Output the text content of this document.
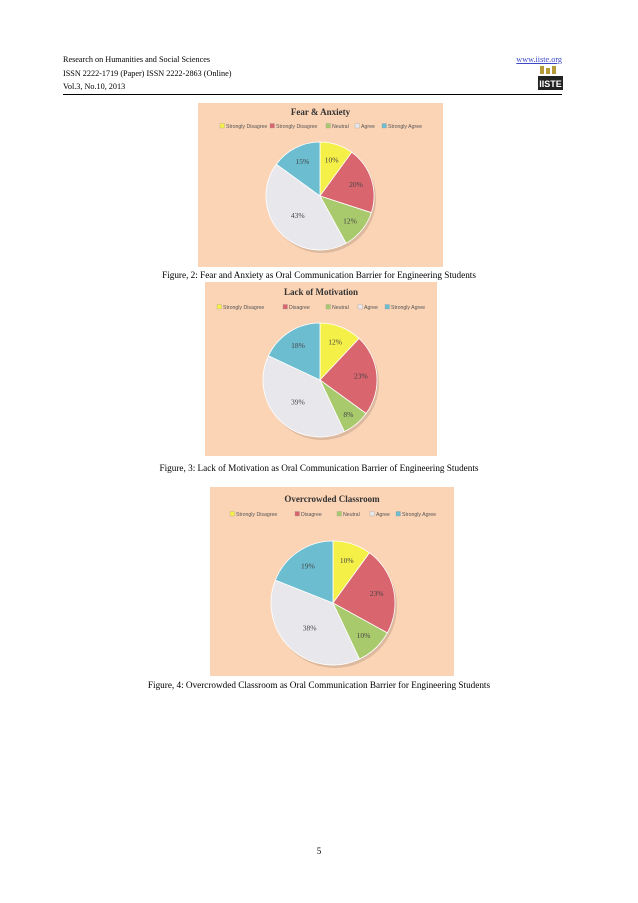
Research on Humanities and Social Sciences
ISSN 2222-1719 (Paper) ISSN 2222-2863 (Online)
Vol.3, No.10, 2013
www.iiste.org
IISTE
Fear & Anxiety
Strongly Disagree Strongly Disagree	Neutral Agree	Strongly Agree
10%
20%
12%
43%
15%
Figure, 2: Fear and Anxiety as Oral Communication Barrier for Engineering Students
Lack of Motivation
Strongly Disagree	Disagree	Neutral	Agree	Strongly Agree
12%
23%
8%
39%
18%
Figure, 3: Lack of Motivation as Oral Communication Barrier of Engineering Students
Overcrowded Classroom
Strongly Disagree	Disagree	Neutral	Agree Strongly Agree
10%
23%
10%
38%
19%
Figure, 4: Overcrowded Classroom as Oral Communication Barrier for Engineering Students
5
